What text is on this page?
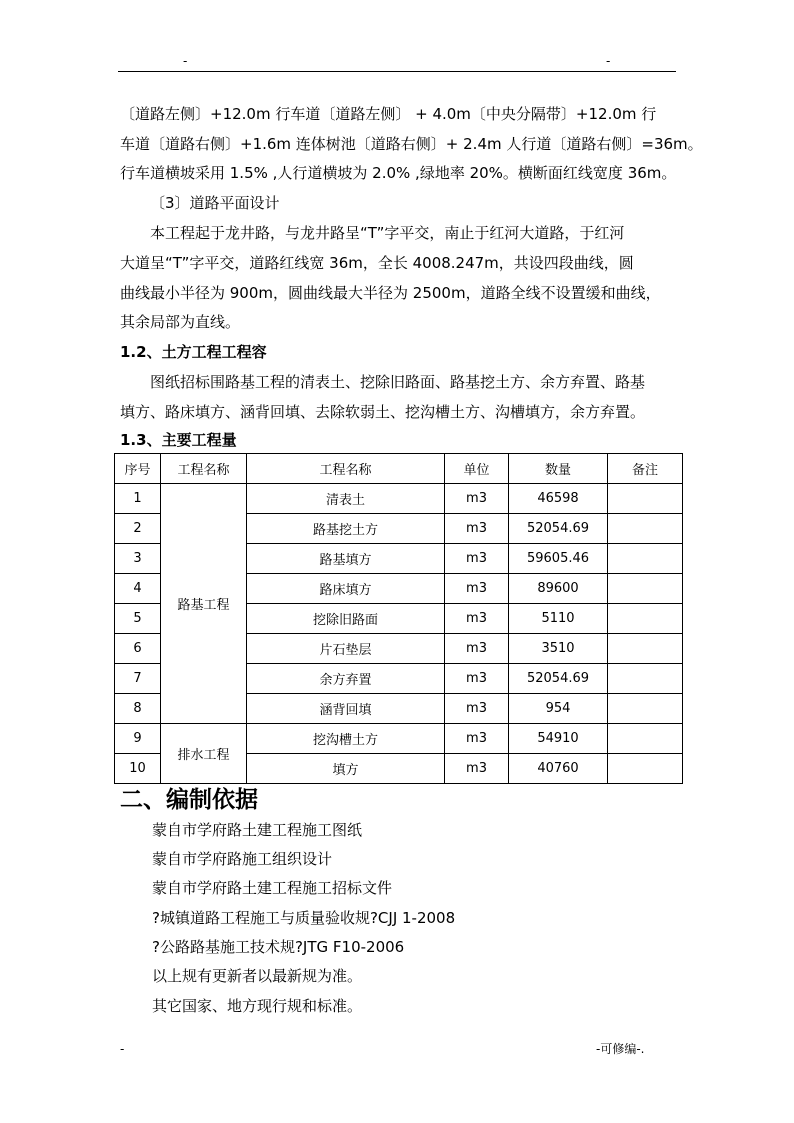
-	-
〔道路左侧〕+12.0m 行车道〔道路左侧〕 + 4.0m〔中央分隔带〕+12.0m 行
车道〔道路右侧〕+1.6m 连体树池〔道路右侧〕+ 2.4m 人行道〔道路右侧〕=36m。
行车道横坡采用 1.5% ,人行道横坡为 2.0% ,绿地率 20%。横断面红线宽度 36m。
〔3〕道路平面设计
本工程起于龙井路，与龙井路呈“T”字平交，南止于红河大道路，于红河
大道呈“T”字平交，道路红线宽 36m，全长 4008.247m，共设四段曲线，圆
曲线最小半径为 900m，圆曲线最大半径为 2500m，道路全线不设置缓和曲线，
其余局部为直线。
1.2、土方工程工程容
图纸招标围路基工程的清表土、挖除旧路面、路基挖土方、余方弃置、路基
填方、路床填方、涵背回填、去除软弱土、挖沟槽土方、沟槽填方，余方弃置。
1.3、主要工程量
序号	工程名称	工程名称	单位	数量	备注
1	路基工程	清表土	m3	46598	
2		路基挖土方	m3	52054.69	
3		路基填方	m3	59605.46	
4		路床填方	m3	89600	
5		挖除旧路面	m3	5110	
6		片石垫层	m3	3510	
7		余方弃置	m3	52054.69	
8		涵背回填	m3	954	
9	排水工程	挖沟槽土方	m3	54910	
10		填方	m3	40760	
二、编制依据
蒙自市学府路土建工程施工图纸
蒙自市学府路施工组织设计
蒙自市学府路土建工程施工招标文件
?城镇道路工程施工与质量验收规?CJJ 1-2008
?公路路基施工技术规?JTG F10-2006
以上规有更新者以最新规为准。
其它国家、地方现行规和标准。
-	-可修编-.
